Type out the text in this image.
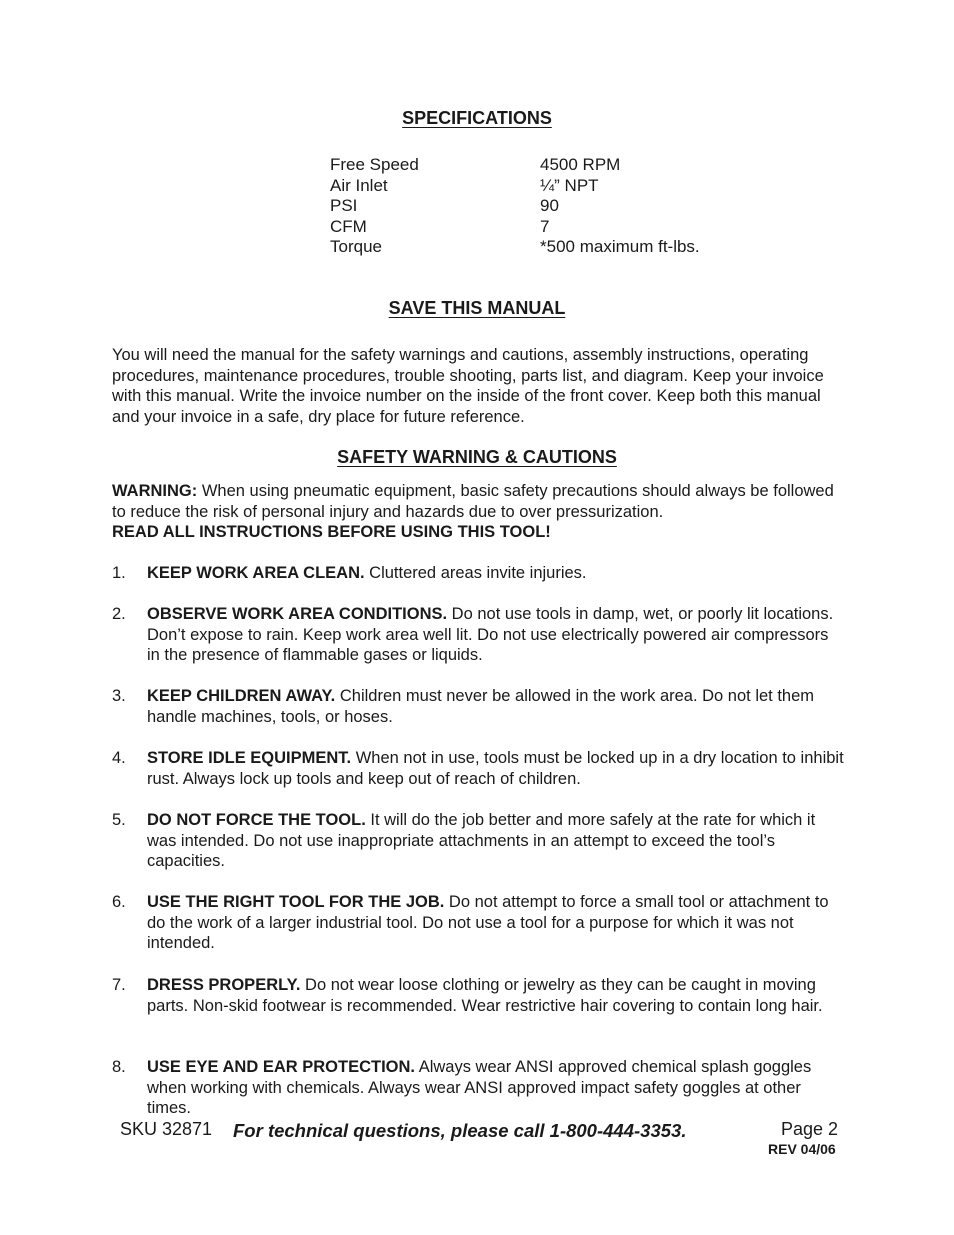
SPECIFICATIONS
Free Speed	4500 RPM
Air Inlet	¼” NPT
PSI	90
CFM	7
Torque	*500 maximum ft-lbs.
SAVE THIS MANUAL
You will need the manual for the safety warnings and cautions, assembly instructions, operating procedures, maintenance procedures, trouble shooting, parts list, and diagram. Keep your invoice with this manual. Write the invoice number on the inside of the front cover. Keep both this manual and your invoice in a safe, dry place for future reference.
SAFETY WARNING & CAUTIONS
WARNING: When using pneumatic equipment, basic safety precautions should always be followed to reduce the risk of personal injury and hazards due to over pressurization.
READ ALL INSTRUCTIONS BEFORE USING THIS TOOL!
1.	KEEP WORK AREA CLEAN. Cluttered areas invite injuries.
2.	OBSERVE WORK AREA CONDITIONS. Do not use tools in damp, wet, or poorly lit locations. Don’t expose to rain. Keep work area well lit. Do not use electrically powered air compressors in the presence of flammable gases or liquids.
3.	KEEP CHILDREN AWAY. Children must never be allowed in the work area. Do not let them handle machines, tools, or hoses.
4.	STORE IDLE EQUIPMENT. When not in use, tools must be locked up in a dry location to inhibit rust. Always lock up tools and keep out of reach of children.
5.	DO NOT FORCE THE TOOL. It will do the job better and more safely at the rate for which it was intended. Do not use inappropriate attachments in an attempt to exceed the tool’s capacities.
6.	USE THE RIGHT TOOL FOR THE JOB. Do not attempt to force a small tool or attachment to do the work of a larger industrial tool. Do not use a tool for a purpose for which it was not intended.
7.	DRESS PROPERLY. Do not wear loose clothing or jewelry as they can be caught in moving parts. Non-skid footwear is recommended. Wear restrictive hair covering to contain long hair.
8.	USE EYE AND EAR PROTECTION. Always wear ANSI approved chemical splash goggles when working with chemicals. Always wear ANSI approved impact safety goggles at other times.
SKU 32871 For technical questions, please call 1-800-444-3353.	Page 2
REV 04/06
